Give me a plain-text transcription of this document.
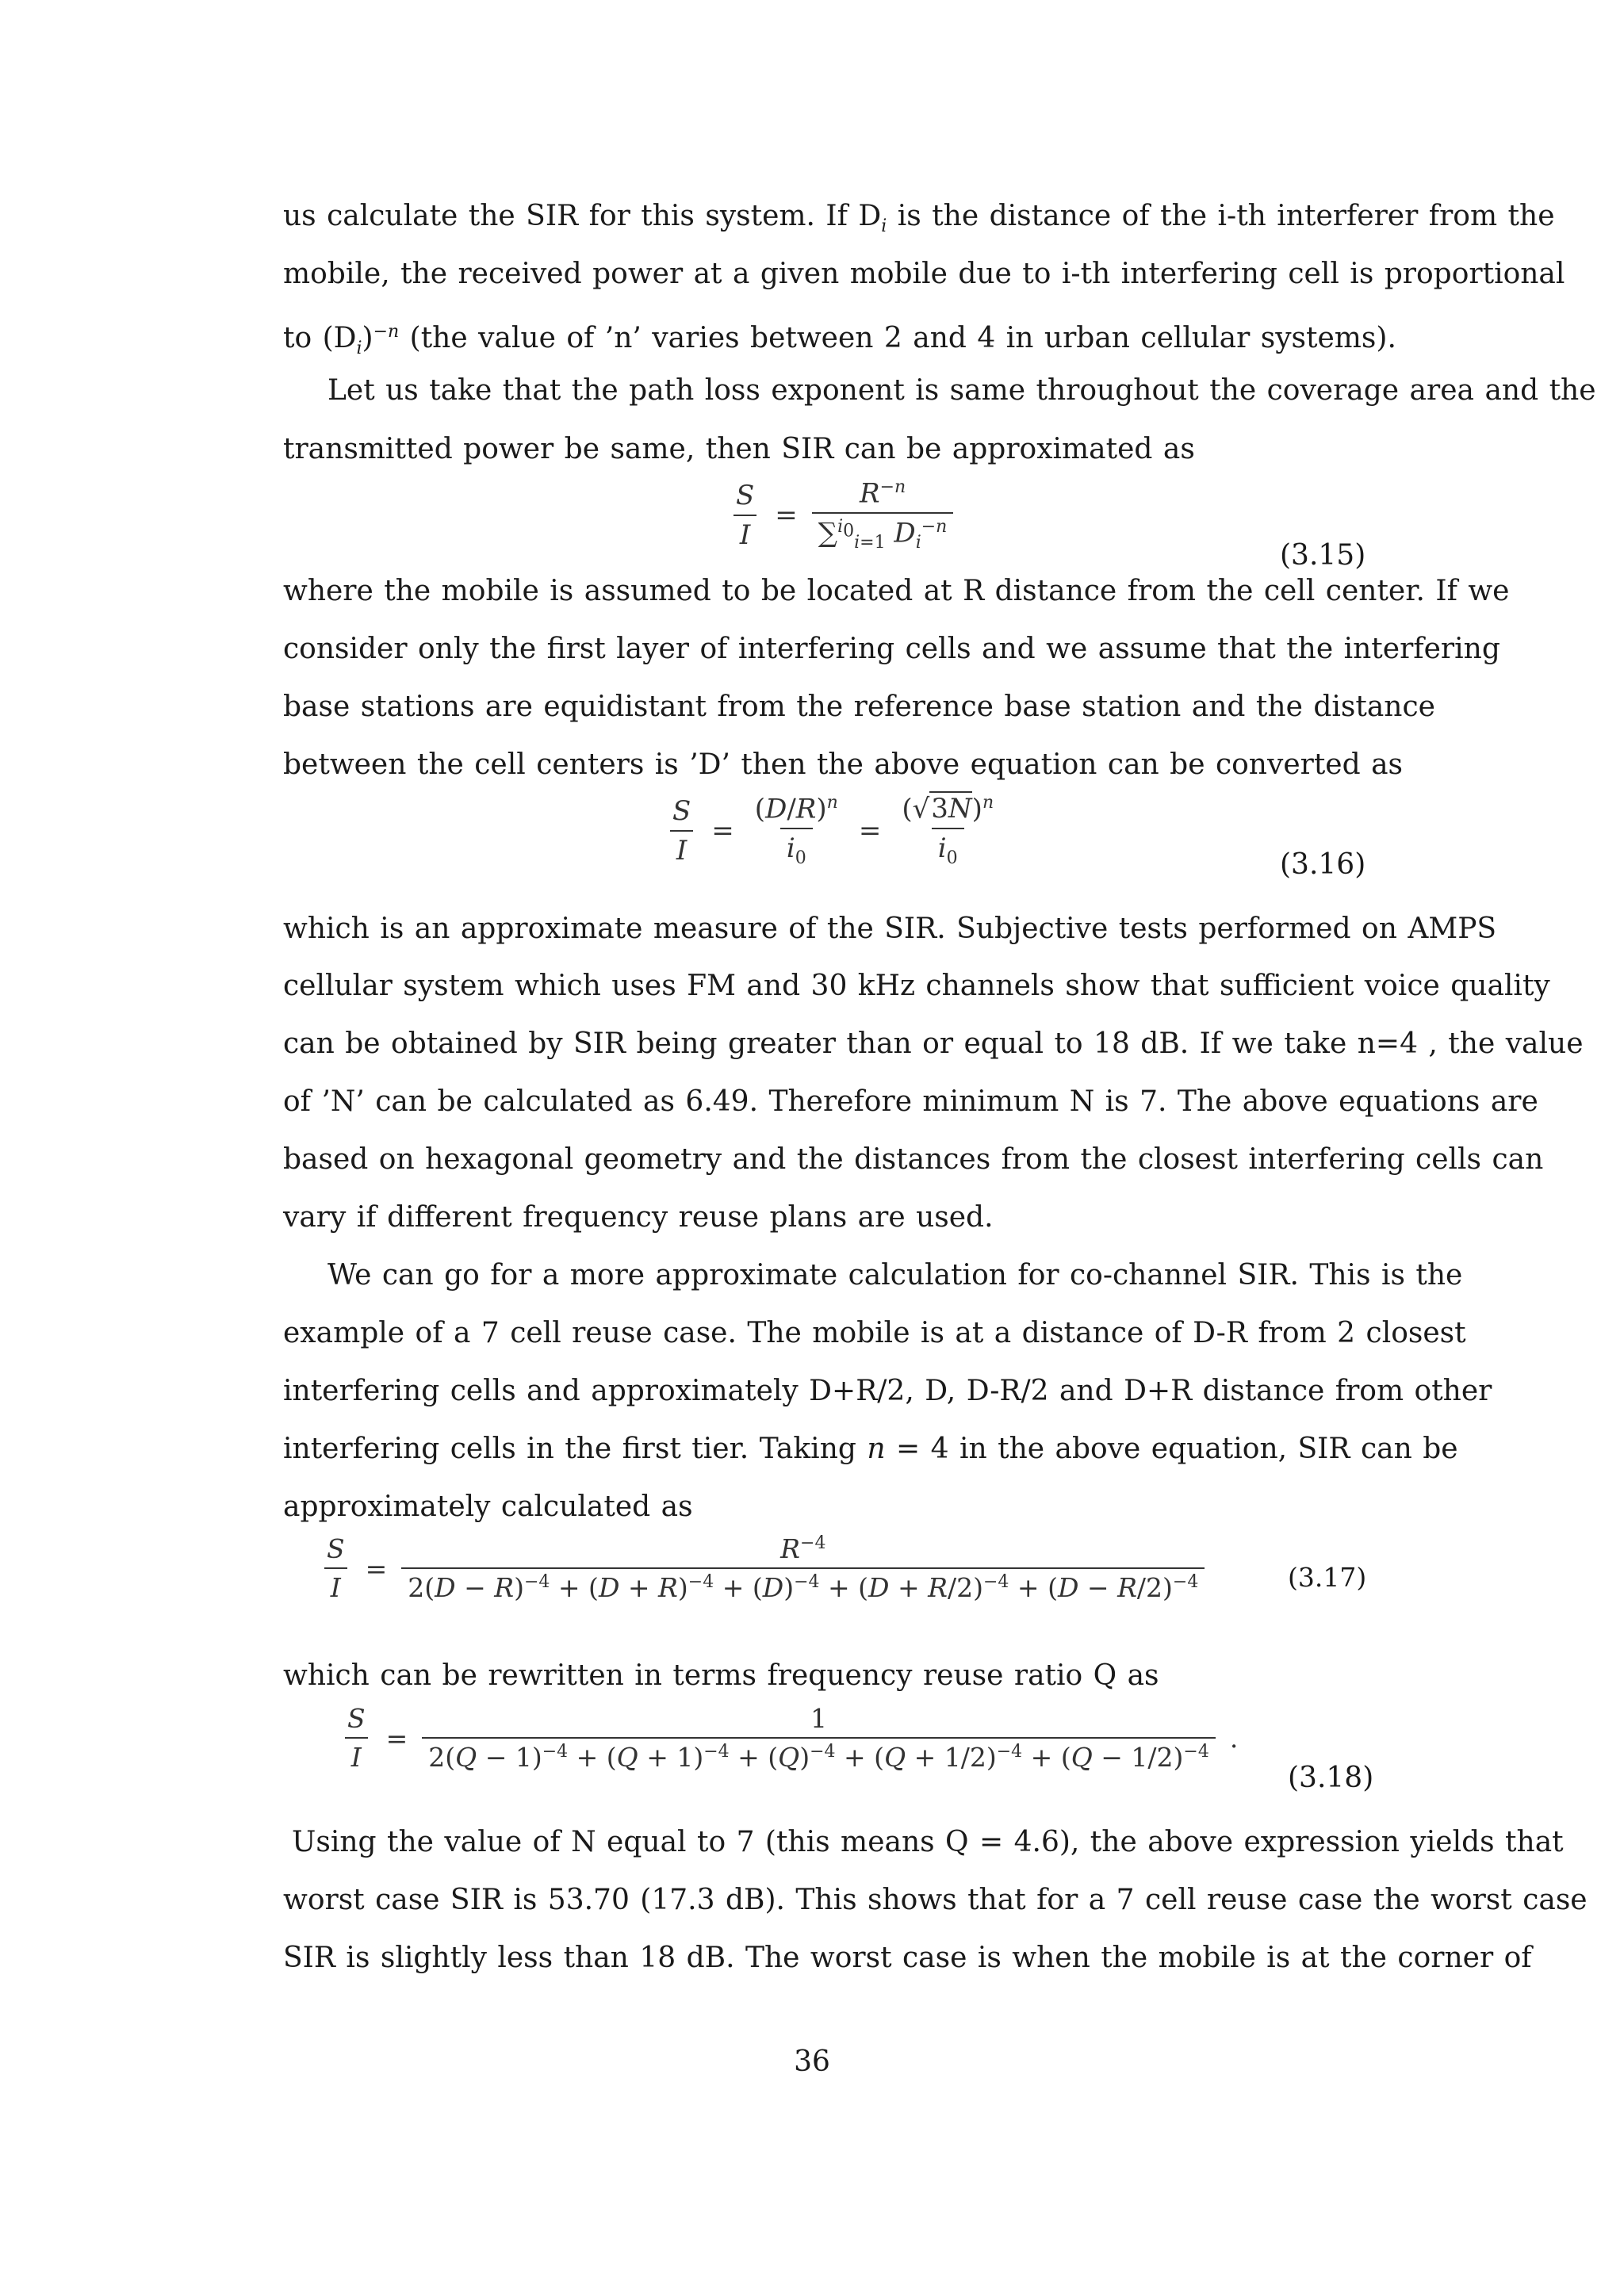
us calculate the SIR for this system. If $D_i$ is the distance of the i-th interferer from the
mobile, the received power at a given mobile due to i-th interfering cell is proportional
to $(D_i)^{-n}$ (the value of ’n’ varies between 2 and 4 in urban cellular systems).
Let us take that the path loss exponent is same throughout the coverage area and the
transmitted power be same, then SIR can be approximated as
$\frac{S}{I} = \frac{R^{-n}}{\sum^{i_0}_{i=1} D_i^{-n}}$
(3.15)
where the mobile is assumed to be located at R distance from the cell center. If we
consider only the first layer of interfering cells and we assume that the interfering
base stations are equidistant from the reference base station and the distance
between the cell centers is ’D’ then the above equation can be converted as
$\frac{S}{I} = \frac{(D/R)^n}{i_0} = \frac{(√3N)^n}{i_0}$	(3.16)
which is an approximate measure of the SIR. Subjective tests performed on AMPS
cellular system which uses FM and 30 kHz channels show that sufficient voice quality
can be obtained by SIR being greater than or equal to 18 dB. If we take n=4 , the value
of ’N’ can be calculated as 6.49. Therefore minimum N is 7. The above equations are
based on hexagonal geometry and the distances from the closest interfering cells can
vary if different frequency reuse plans are used.
We can go for a more approximate calculation for co-channel SIR. This is the
example of a 7 cell reuse case. The mobile is at a distance of D-R from 2 closest
interfering cells and approximately D+R/2, D, D-R/2 and D+R distance from other
interfering cells in the first tier. Taking n = 4 in the above equation, SIR can be
approximately calculated as
$\frac{S}{I} = \frac{R^{-4}}{2(D - R)^{-4} + (D + R)^{-4} + (D)^{-4} + (D + R/2)^{-4} + (D - R/2)^{-4}}$	(3.17)
which can be rewritten in terms frequency reuse ratio Q as
$\frac{S}{I} = \frac{1}{2(Q - 1)^{-4} + (Q + 1)^{-4} + (Q)^{-4} + (Q + 1/2)^{-4} + (Q - 1/2)^{-4}}$ .
(3.18)
Using the value of N equal to 7 (this means Q = 4.6), the above expression yields that
worst case SIR is 53.70 (17.3 dB). This shows that for a 7 cell reuse case the worst case
SIR is slightly less than 18 dB. The worst case is when the mobile is at the corner of
36
